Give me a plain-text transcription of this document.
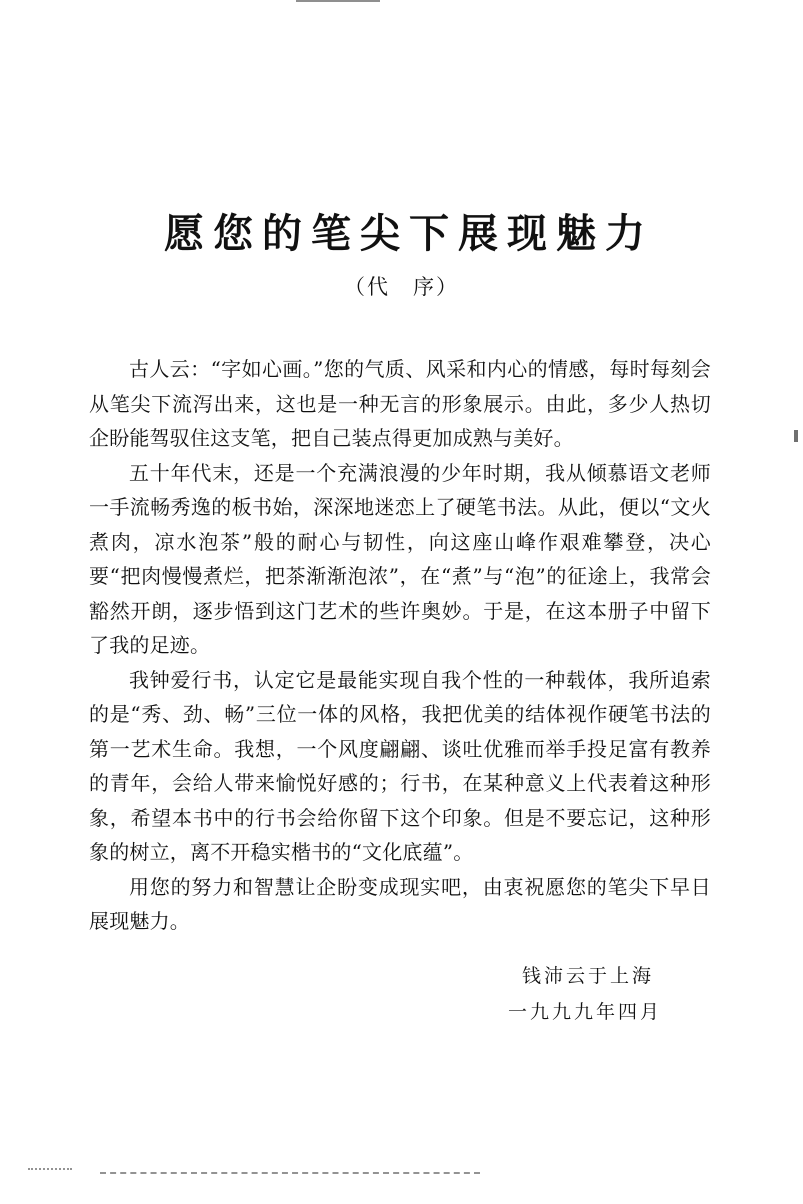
愿您的笔尖下展现魅力
（代　序）

古人云：“字如心画。”您的气质、风采和内心的情感，每时每刻会从笔尖下流泻出来，这也是一种无言的形象展示。由此，多少人热切企盼能驾驭住这支笔，把自己装点得更加成熟与美好。

五十年代末，还是一个充满浪漫的少年时期，我从倾慕语文老师一手流畅秀逸的板书始，深深地迷恋上了硬笔书法。从此，便以“文火煮肉，凉水泡茶”般的耐心与韧性，向这座山峰作艰难攀登，决心要“把肉慢慢煮烂，把茶渐渐泡浓”，在“煮”与“泡”的征途上，我常会豁然开朗，逐步悟到这门艺术的些许奥妙。于是，在这本册子中留下了我的足迹。

我钟爱行书，认定它是最能实现自我个性的一种载体，我所追索的是“秀、劲、畅”三位一体的风格，我把优美的结体视作硬笔书法的第一艺术生命。我想，一个风度翩翩、谈吐优雅而举手投足富有教养的青年，会给人带来愉悦好感的；行书，在某种意义上代表着这种形象，希望本书中的行书会给你留下这个印象。但是不要忘记，这种形象的树立，离不开稳实楷书的“文化底蕴”。

用您的努力和智慧让企盼变成现实吧，由衷祝愿您的笔尖下早日展现魅力。

钱沛云于上海
一九九九年四月
